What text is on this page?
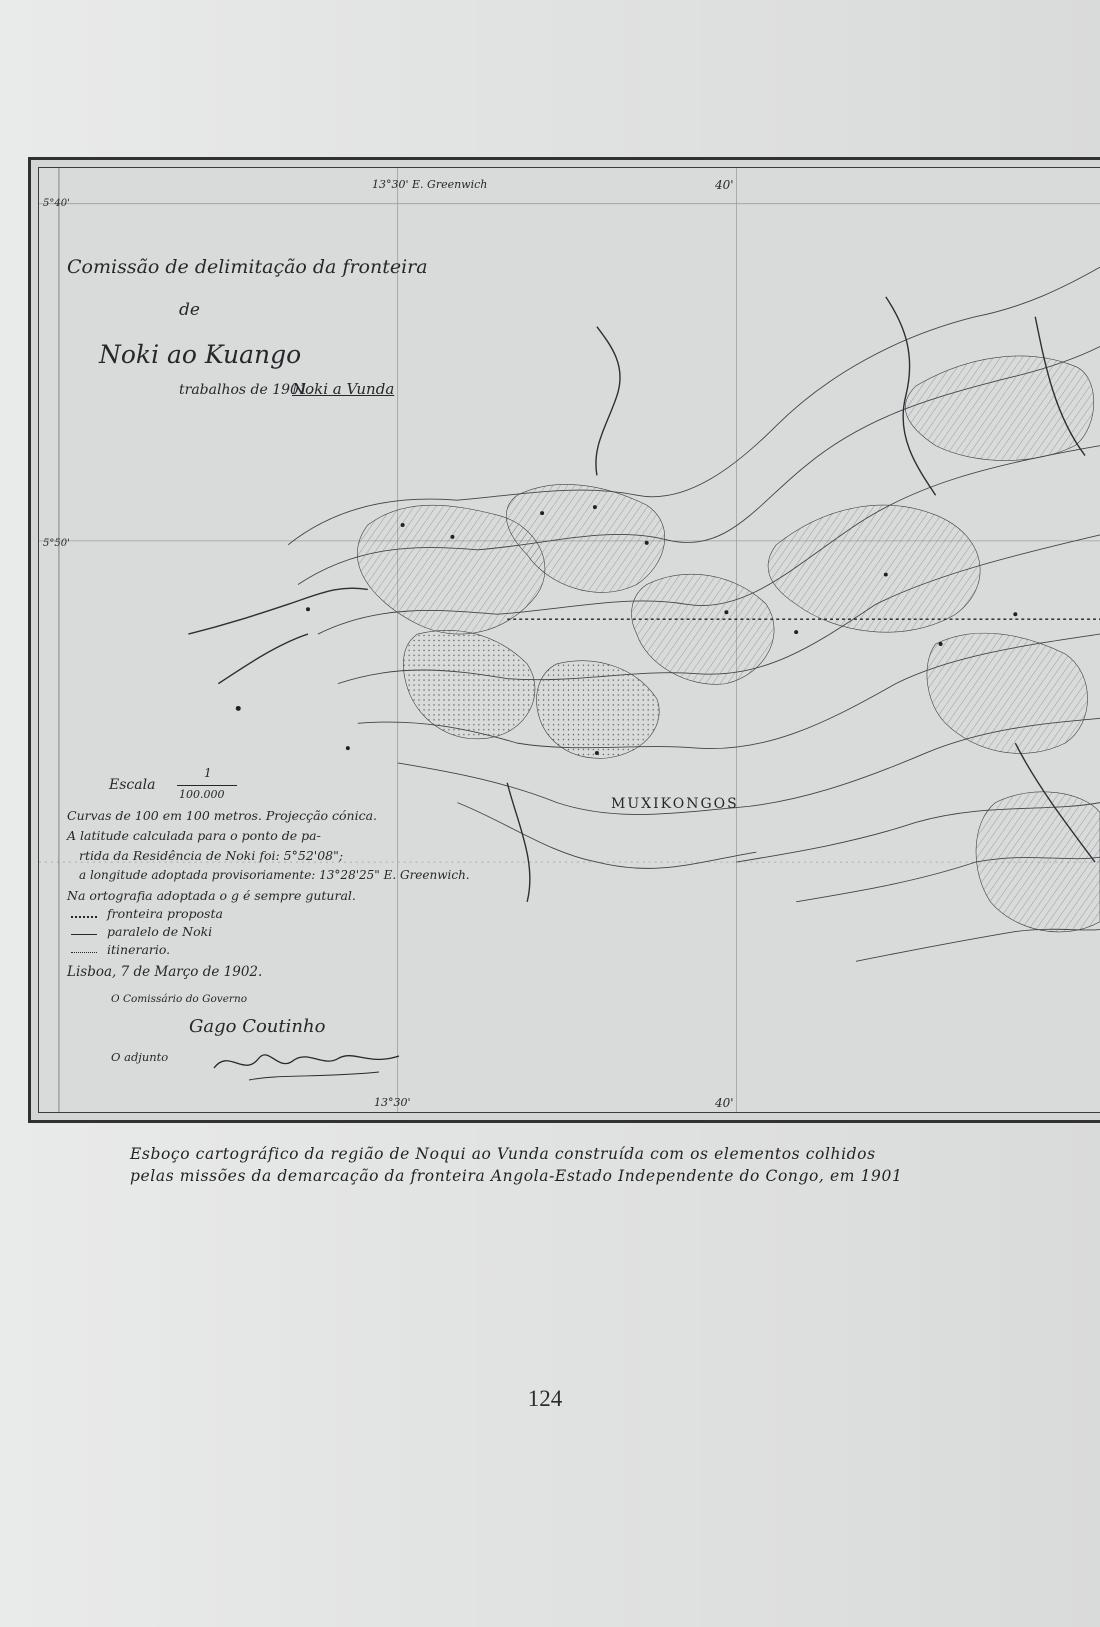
Comissão de delimitação da fronteira
de
Noki ao Kuango
trabalhos de 1901.
Noki a Vunda
13°30' E. Greenwich	40'
13°30'	40'
5°40'
5°50'
MUXIKONGOS
Escala
1
100.000
Curvas de 100 em 100 metros. Projecção cónica.
A latitude calculada para o ponto de pa-
rtida da Residência de Noki foi: 5°52'08";
a longitude adoptada provisoriamente: 13°28'25" E. Greenwich.
Na ortografia adoptada o g é sempre gutural.
fronteira proposta
paralelo de Noki
itinerario.
Lisboa, 7 de Março de 1902.
O Comissário do Governo
Gago Coutinho
O adjunto
Esboço cartográfico da região de Noqui ao Vunda construída com os elementos colhidos
pelas missões da demarcação da fronteira Angola-Estado Independente do Congo, em 1901
124
